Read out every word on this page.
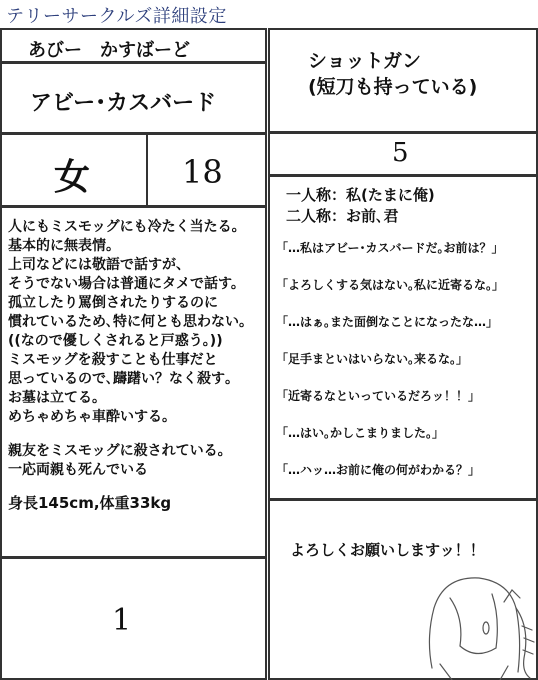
テリーサークルズ詳細設定
あびー　かすばーど
アビー･カスバード
女	18
人にもミスモッグにも冷たく当たる。
基本的に無表情。
上司などには敬語で話すが、
そうでない場合は普通にタメで話す。
孤立したり罵倒されたりするのに
慣れているため､特に何とも思わない｡
((なので優しくされると戸惑う｡))
ミスモッグを殺すことも仕事だと
思っているので､躊躇い？なく殺す｡
お墓は立てる。
めちゃめちゃ車酔いする。
親友をミスモッグに殺されている。
一応両親も死んでいる
身長145cm,体重33kg
1
ショットガン
(短刀も持っている)
5
一人称：私(たまに俺)
二人称：お前､君
｢…私はアビー･カスバードだ｡お前は？｣
｢よろしくする気はない｡私に近寄るな｡｣
｢…はぁ｡また面倒なことになったな…｣
｢足手まといはいらない｡来るな｡｣
｢近寄るなといっているだろッ！！｣
｢…はい｡かしこまりました｡｣
｢…ハッ…お前に俺の何がわかる？｣
よろしくお願いしますッ！！
